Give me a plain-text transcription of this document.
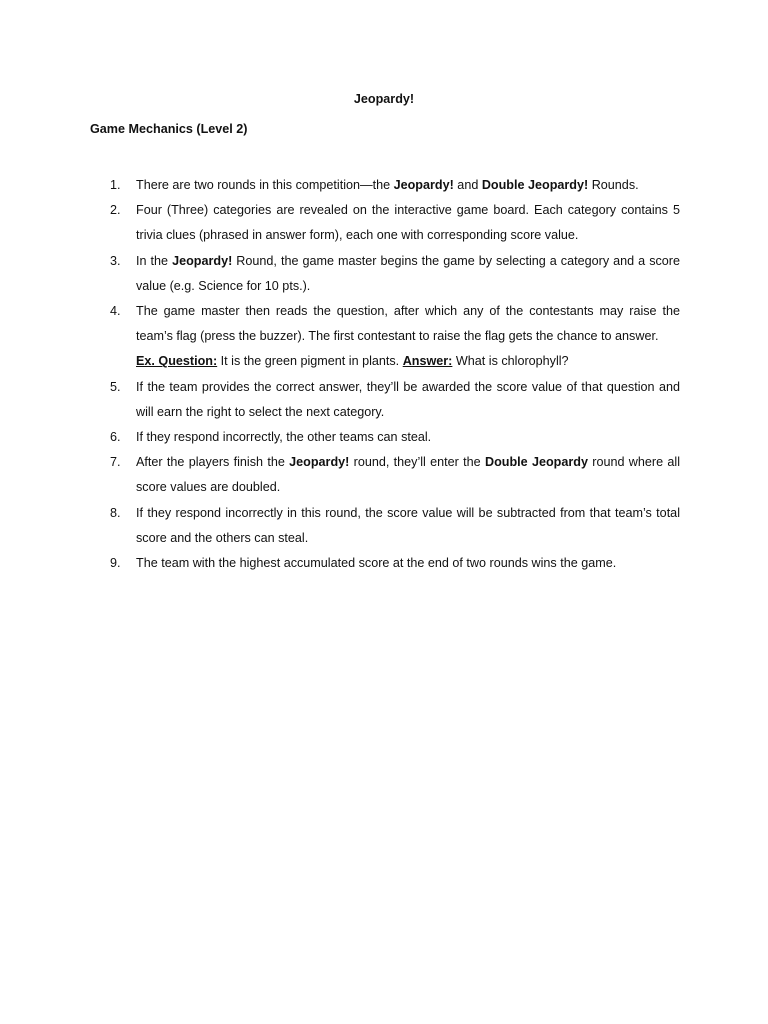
Jeopardy!
Game Mechanics (Level 2)
1. There are two rounds in this competition—the Jeopardy! and Double Jeopardy! Rounds.

2. Four (Three) categories are revealed on the interactive game board. Each category contains 5 trivia clues (phrased in answer form), each one with corresponding score value.

3. In the Jeopardy! Round, the game master begins the game by selecting a category and a score value (e.g. Science for 10 pts.).

4. The game master then reads the question, after which any of the contestants may raise the team’s flag (press the buzzer). The first contestant to raise the flag gets the chance to answer.

Ex. Question: It is the green pigment in plants. Answer: What is chlorophyll?

5. If the team provides the correct answer, they’ll be awarded the score value of that question and will earn the right to select the next category.

6. If they respond incorrectly, the other teams can steal.

7. After the players finish the Jeopardy! round, they’ll enter the Double Jeopardy round where all score values are doubled.

8. If they respond incorrectly in this round, the score value will be subtracted from that team’s total score and the others can steal.

9. The team with the highest accumulated score at the end of two rounds wins the game.
